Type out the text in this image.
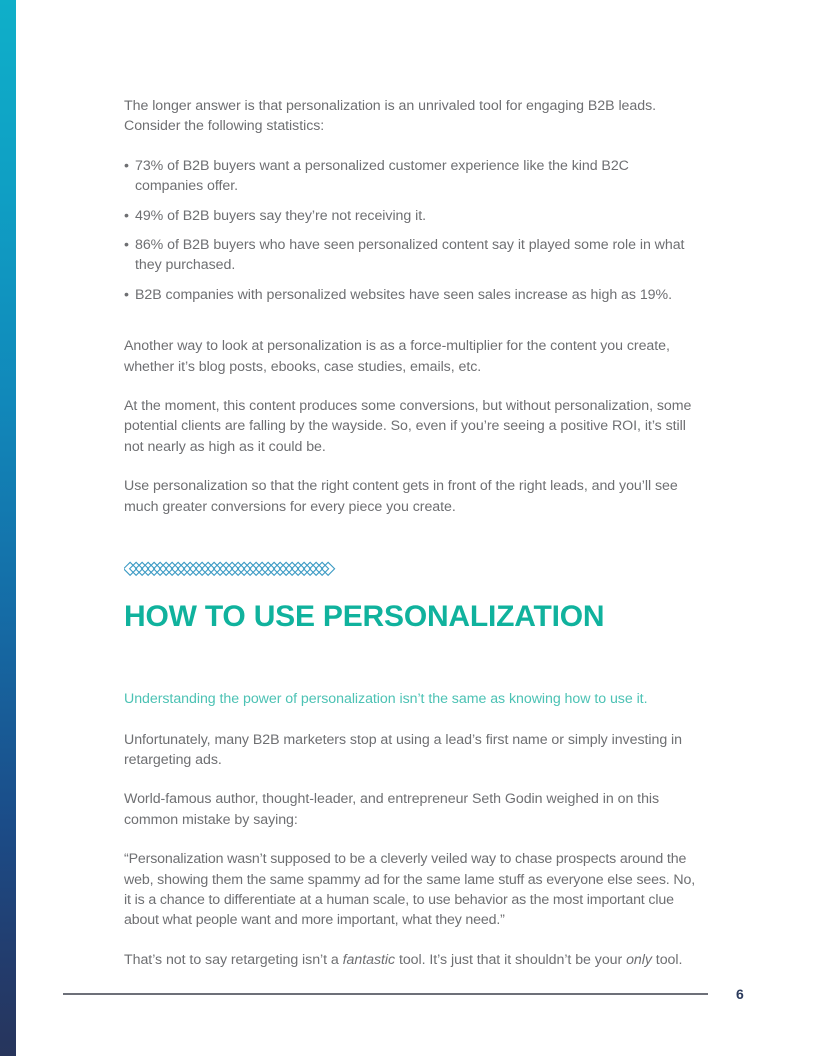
The longer answer is that personalization is an unrivaled tool for engaging B2B leads. Consider the following statistics:

• 73% of B2B buyers want a personalized customer experience like the kind B2C companies offer.
• 49% of B2B buyers say they’re not receiving it.
• 86% of B2B buyers who have seen personalized content say it played some role in what they purchased.
• B2B companies with personalized websites have seen sales increase as high as 19%.

Another way to look at personalization is as a force-multiplier for the content you create, whether it’s blog posts, ebooks, case studies, emails, etc.

At the moment, this content produces some conversions, but without personalization, some potential clients are falling by the wayside. So, even if you’re seeing a positive ROI, it’s still not nearly as high as it could be.

Use personalization so that the right content gets in front of the right leads, and you’ll see much greater conversions for every piece you create.

HOW TO USE PERSONALIZATION

Understanding the power of personalization isn’t the same as knowing how to use it.

Unfortunately, many B2B marketers stop at using a lead’s first name or simply investing in retargeting ads.

World-famous author, thought-leader, and entrepreneur Seth Godin weighed in on this common mistake by saying:

“Personalization wasn’t supposed to be a cleverly veiled way to chase prospects around the web, showing them the same spammy ad for the same lame stuff as everyone else sees. No, it is a chance to differentiate at a human scale, to use behavior as the most important clue about what people want and more important, what they need.”

That’s not to say retargeting isn’t a fantastic tool. It’s just that it shouldn’t be your only tool.

6
